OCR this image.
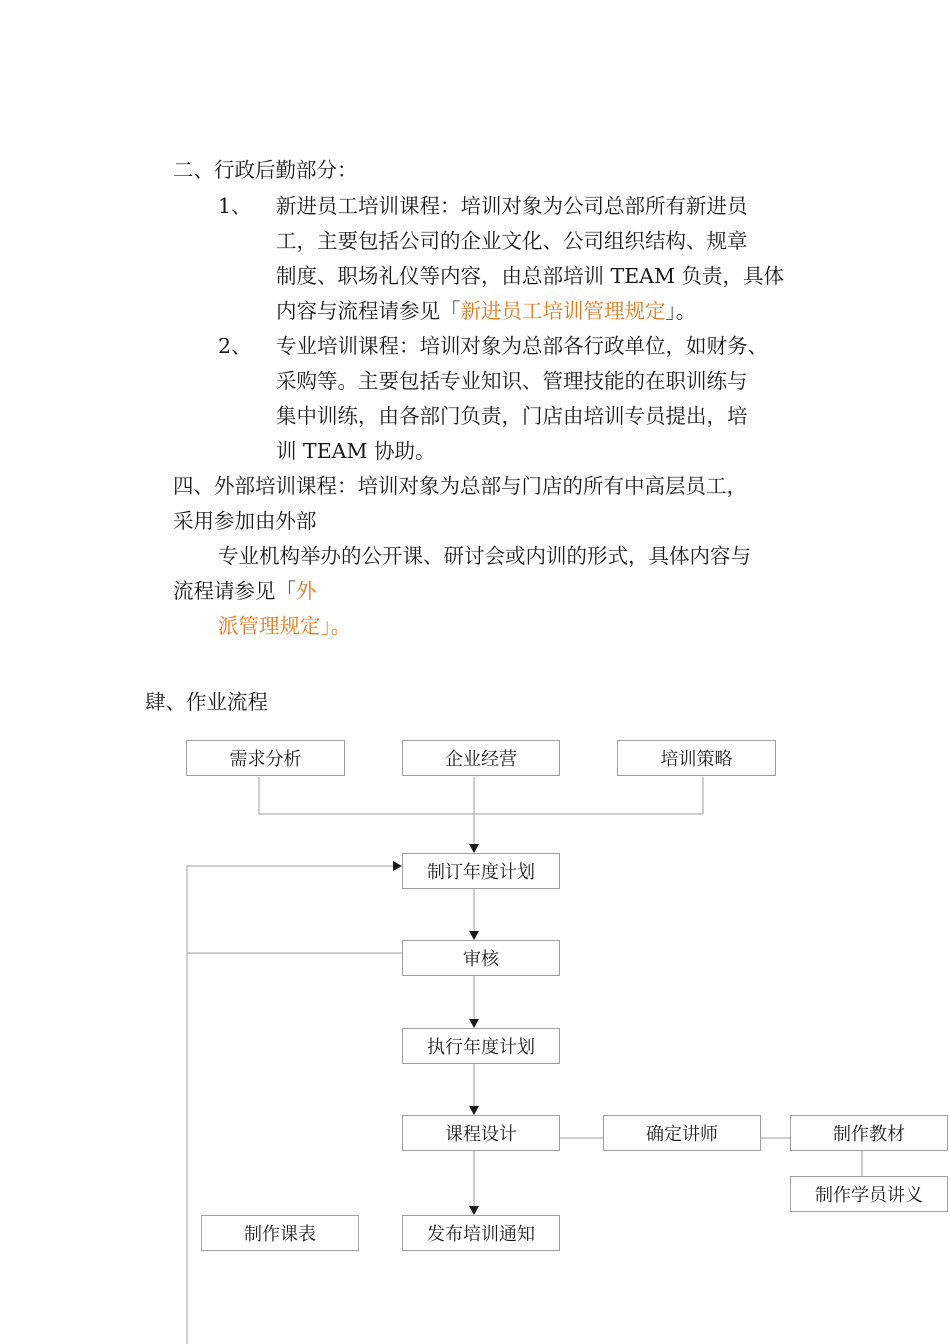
二、行政后勤部分：
1、 新进员工培训课程：培训对象为公司总部所有新进员
工，主要包括公司的企业文化、公司组织结构、规章
制度、职场礼仪等内容，由总部培训 TEAM 负责，具体
内容与流程请参见「新进员工培训管理规定」。
2、 专业培训课程：培训对象为总部各行政单位，如财务、
采购等。主要包括专业知识、管理技能的在职训练与
集中训练，由各部门负责，门店由培训专员提出，培
训 TEAM 协助。
四、外部培训课程：培训对象为总部与门店的所有中高层员工，
采用参加由外部
专业机构举办的公开课、研讨会或内训的形式，具体内容与
流程请参见「外
派管理规定」。
肆、作业流程
需求分析	企业经营	培训策略
制订年度计划
审核
执行年度计划
课程设计	确定讲师	制作教材
制作学员讲义
制作课表	发布培训通知
